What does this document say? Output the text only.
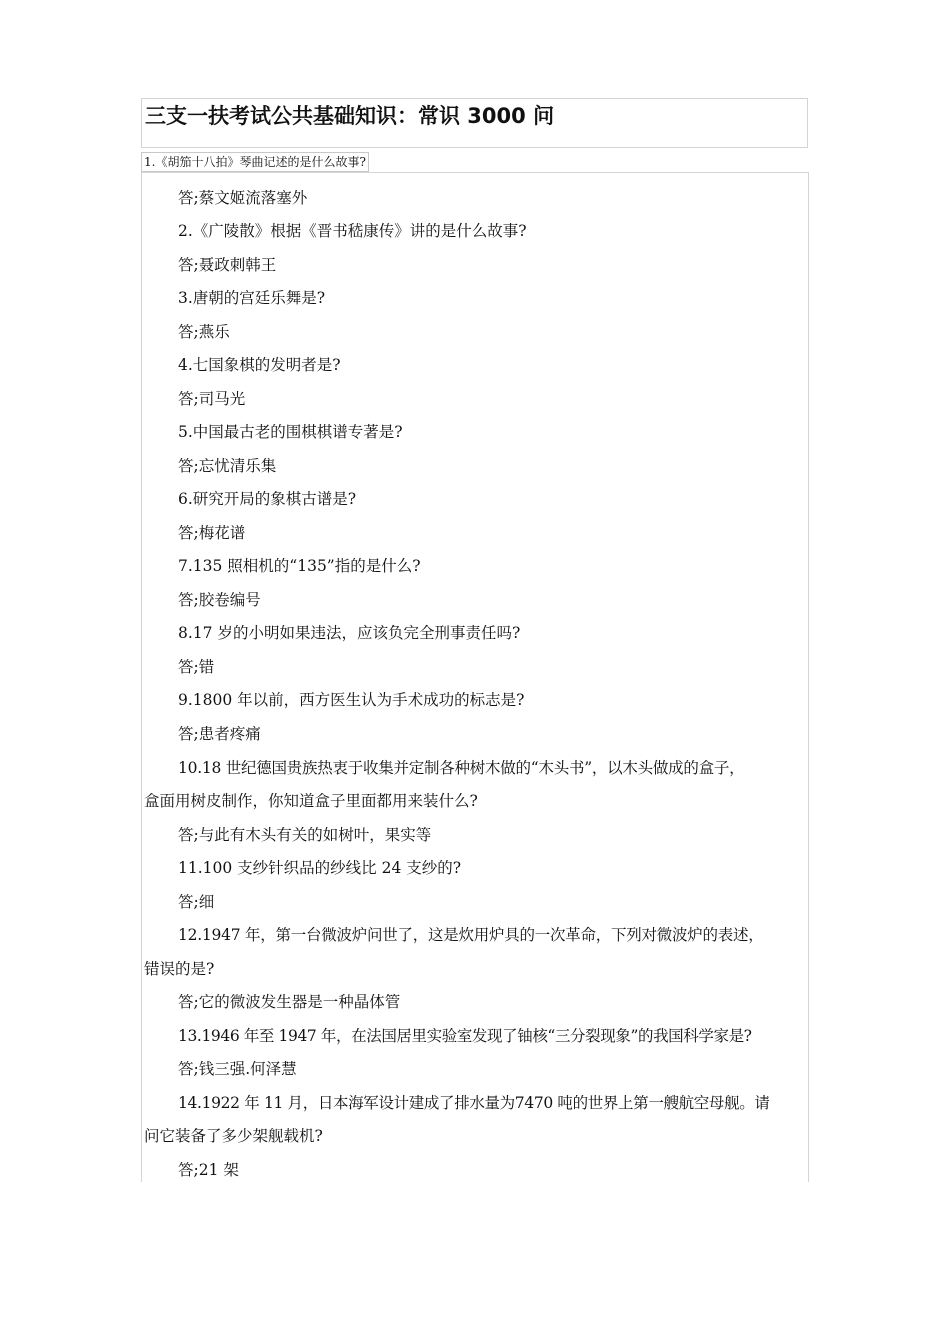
三支一扶考试公共基础知识：常识 3000 问
1.《胡笳十八拍》琴曲记述的是什么故事?
答;蔡文姬流落塞外
2.《广陵散》根据《晋书嵇康传》讲的是什么故事?
答;聂政刺韩王
3.唐朝的宫廷乐舞是?
答;燕乐
4.七国象棋的发明者是?
答;司马光
5.中国最古老的围棋棋谱专著是?
答;忘忧清乐集
6.研究开局的象棋古谱是?
答;梅花谱
7.135 照相机的“135”指的是什么?
答;胶卷编号
8.17 岁的小明如果违法，应该负完全刑事责任吗?
答;错
9.1800 年以前，西方医生认为手术成功的标志是?
答;患者疼痛
10.18 世纪德国贵族热衷于收集并定制各种树木做的“木头书”，以木头做成的盒子，
盒面用树皮制作，你知道盒子里面都用来装什么?
答;与此有木头有关的如树叶，果实等
11.100 支纱针织品的纱线比 24 支纱的?
答;细
12.1947 年，第一台微波炉问世了，这是炊用炉具的一次革命，下列对微波炉的表述，
错误的是?
答;它的微波发生器是一种晶体管
13.1946 年至 1947 年，在法国居里实验室发现了铀核“三分裂现象”的我国科学家是?
答;钱三强.何泽慧
14.1922 年 11 月，日本海军设计建成了排水量为7470 吨的世界上第一艘航空母舰。请
问它装备了多少架舰载机?
答;21 架
